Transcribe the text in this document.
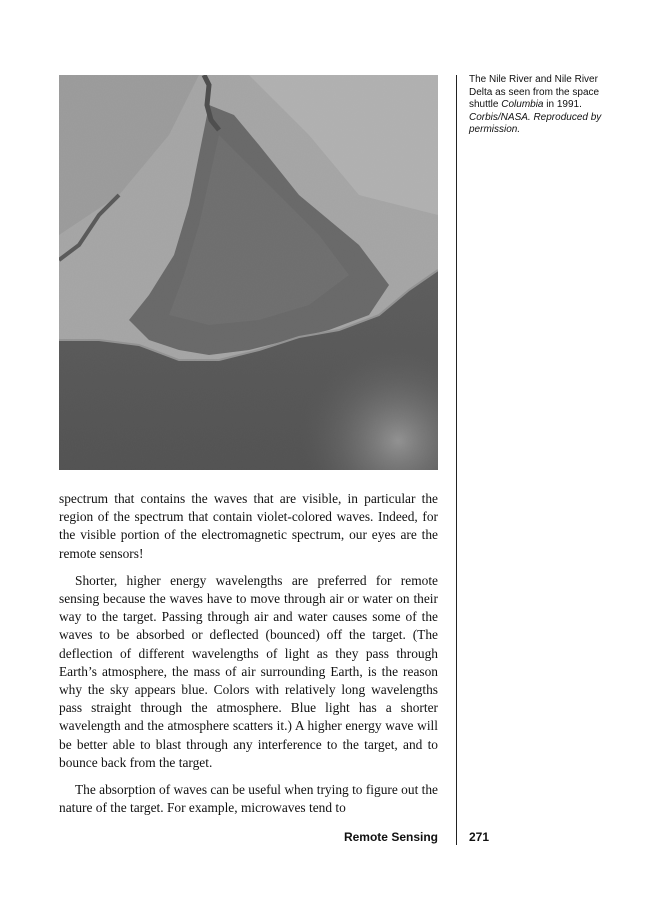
The Nile River and Nile River
Delta as seen from the space
shuttle Columbia in 1991.
Corbis/NASA. Reproduced by
permission.

spectrum that contains the waves that are visible, in particular the region of the spectrum that contain violet-colored waves. Indeed, for the visible portion of the electromagnetic spectrum, our eyes are the remote sensors!

Shorter, higher energy wavelengths are preferred for remote sensing because the waves have to move through air or water on their way to the target. Passing through air and water causes some of the waves to be absorbed or deflected (bounced) off the target. (The deflection of different wavelengths of light as they pass through Earth’s atmosphere, the mass of air surrounding Earth, is the reason why the sky appears blue. Colors with relatively long wavelengths pass straight through the atmosphere. Blue light has a shorter wavelength and the atmosphere scatters it.) A higher energy wave will be better able to blast through any interference to the target, and to bounce back from the target.

The absorption of waves can be useful when trying to figure out the nature of the target. For example, microwaves tend to

Remote Sensing	271
